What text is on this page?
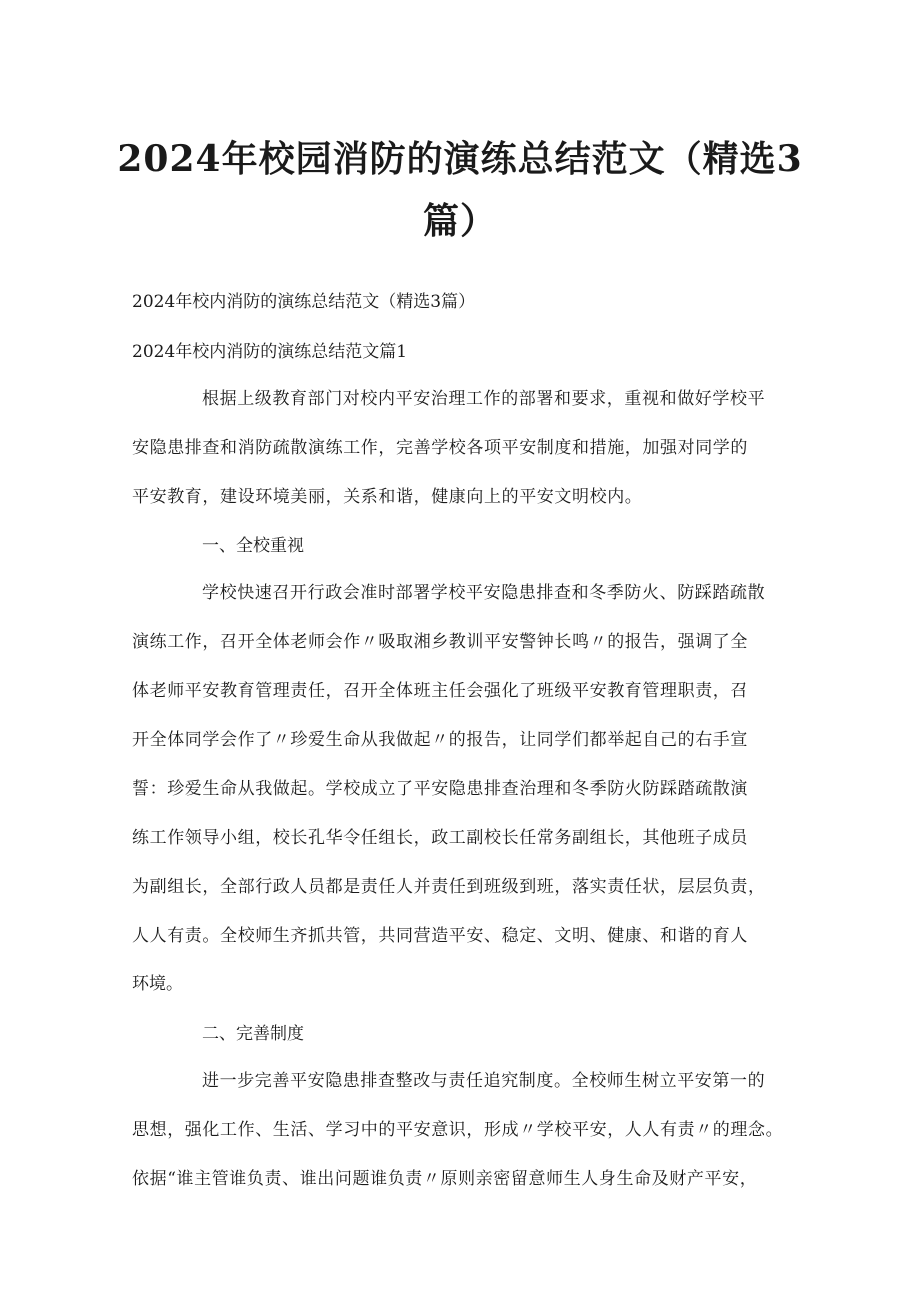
2024年校园消防的演练总结范文（精选3
篇）

2024年校内消防的演练总结范文（精选3篇）

2024年校内消防的演练总结范文篇1

根据上级教育部门对校内平安治理工作的部署和要求，重视和做好学校平

安隐患排查和消防疏散演练工作，完善学校各项平安制度和措施，加强对同学的

平安教育，建设环境美丽，关系和谐，健康向上的平安文明校内。

一、全校重视

学校快速召开行政会准时部署学校平安隐患排查和冬季防火、防踩踏疏散

演练工作，召开全体老师会作〃吸取湘乡教训平安警钟长鸣〃的报告，强调了全

体老师平安教育管理责任，召开全体班主任会强化了班级平安教育管理职责，召

开全体同学会作了〃珍爱生命从我做起〃的报告，让同学们都举起自己的右手宣

誓：珍爱生命从我做起。学校成立了平安隐患排查治理和冬季防火防踩踏疏散演

练工作领导小组，校长孔华令任组长，政工副校长任常务副组长，其他班子成员

为副组长，全部行政人员都是责任人并责任到班级到班，落实责任状，层层负责，

人人有责。全校师生齐抓共管，共同营造平安、稳定、文明、健康、和谐的育人

环境。

二、完善制度

进一步完善平安隐患排查整改与责任追究制度。全校师生树立平安第一的

思想，强化工作、生活、学习中的平安意识，形成〃学校平安，人人有责〃的理念。

依据“谁主管谁负责、谁出问题谁负责〃原则亲密留意师生人身生命及财产平安，
